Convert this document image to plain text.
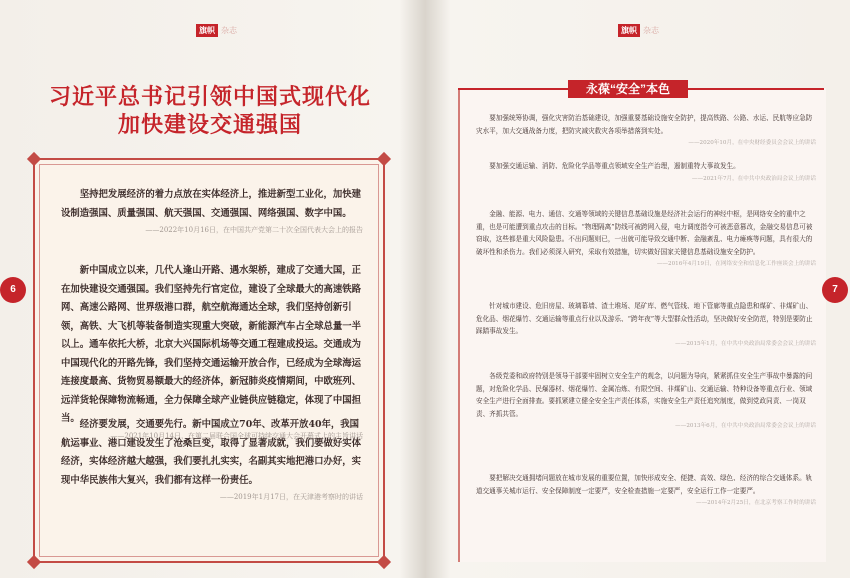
旗帜 杂志
习近平总书记引领中国式现代化
加快建设交通强国
坚持把发展经济的着力点放在实体经济上，推进新型工业化，加快建设制造强国、质量强国、航天强国、交通强国、网络强国、数字中国。
——2022年10月16日，在中国共产党第二十次全国代表大会上的报告
新中国成立以来，几代人逢山开路、遇水架桥，建成了交通大国，正在加快建设交通强国。我们坚持先行官定位，建设了全球最大的高速铁路网、高速公路网、世界级港口群，航空航海通达全球，我们坚持创新引领，高铁、大飞机等装备制造实现重大突破，新能源汽车占全球总量一半以上。通车依托大桥，北京大兴国际机场等交通工程建成投运。交通成为中国现代化的开路先锋，我们坚持交通运输开放合作，已经成为全球海运连接度最高、货物贸易额最大的经济体，新冠肺炎疫情期间，中欧班列、远洋货轮保障物流畅通，全力保障全球产业链供应链稳定，体现了中国担当。
——2021年10月14日，在第二届联合国全球可持续交通大会开幕式上的主旨讲话
经济要发展，交通要先行。新中国成立70年、改革开放40年，我国航运事业、港口建设发生了沧桑巨变，取得了显著成就，我们要做好实体经济，实体经济越大越强，我们要扎扎实实，名副其实地把港口办好，实现中华民族伟大复兴，我们都有这样一份责任。
——2019年1月17日，在天津港考察时的讲话
6
旗帜 杂志
永葆“安全”本色
要加强统筹协调，强化灾害防治基础建设，加强重要基础设施安全防护，提高铁路、公路、水运、民航等应急防灾水平，加大交通战备力度，把防灾减灾救灾各项举措落到实处。
——2020年10月，在中央财经委员会会议上的讲话
要加强交通运输、消防、危险化学品等重点领域安全生产治理，遏制重特大事故发生。
——2021年7月，在中共中央政治局会议上的讲话
金融、能源、电力、通信、交通等领域的关键信息基础设施是经济社会运行的神经中枢，是网络安全的重中之重，也是可能遭到重点攻击的目标。“物理隔离”防线可被跨网入侵，电力调度指令可被恶意篡改，金融交易信息可被窃取，这些都是重大风险隐患。不出问题则已，一出就可能导致交通中断、金融紊乱、电力瘫痪等问题，具有很大的破坏性和杀伤力。我们必须深入研究，采取有效措施，切实做好国家关键信息基础设施安全防护。
——2016年4月19日，在网络安全和信息化工作座谈会上的讲话
针对城市建设、危旧房屋、玻璃幕墙、渣土堆场、尾矿库、燃气管线、地下管廊等重点隐患和煤矿、非煤矿山、危化品、烟花爆竹、交通运输等重点行业以及游乐、“跨年夜”等大型群众性活动，坚决做好安全防范，特别是要防止踩踏事故发生。
——2015年1月，在中共中央政治局常委会会议上的讲话
各级党委和政府特别是领导干部要牢固树立安全生产的观念，以问题为导向，紧紧抓住安全生产事故中暴露的问题，对危险化学品、民爆器材、烟花爆竹、金属冶炼、有限空间、非煤矿山、交通运输、特种设备等重点行业、领域安全生产进行全面排查。要抓紧建立健全安全生产责任体系，实施安全生产责任追究制度，做到党政同责、一岗双责、齐抓共管。
——2013年6月，在中共中央政治局常委会会议上的讲话
要把解决交通拥堵问题放在城市发展的重要位置，加快形成安全、便捷、高效、绿色、经济的综合交通体系。轨道交通事关城市运行、安全保障制度一定要严，安全检查措施一定要严，安全运行工作一定要严。
——2014年2月25日，在北京考察工作时的讲话
7
